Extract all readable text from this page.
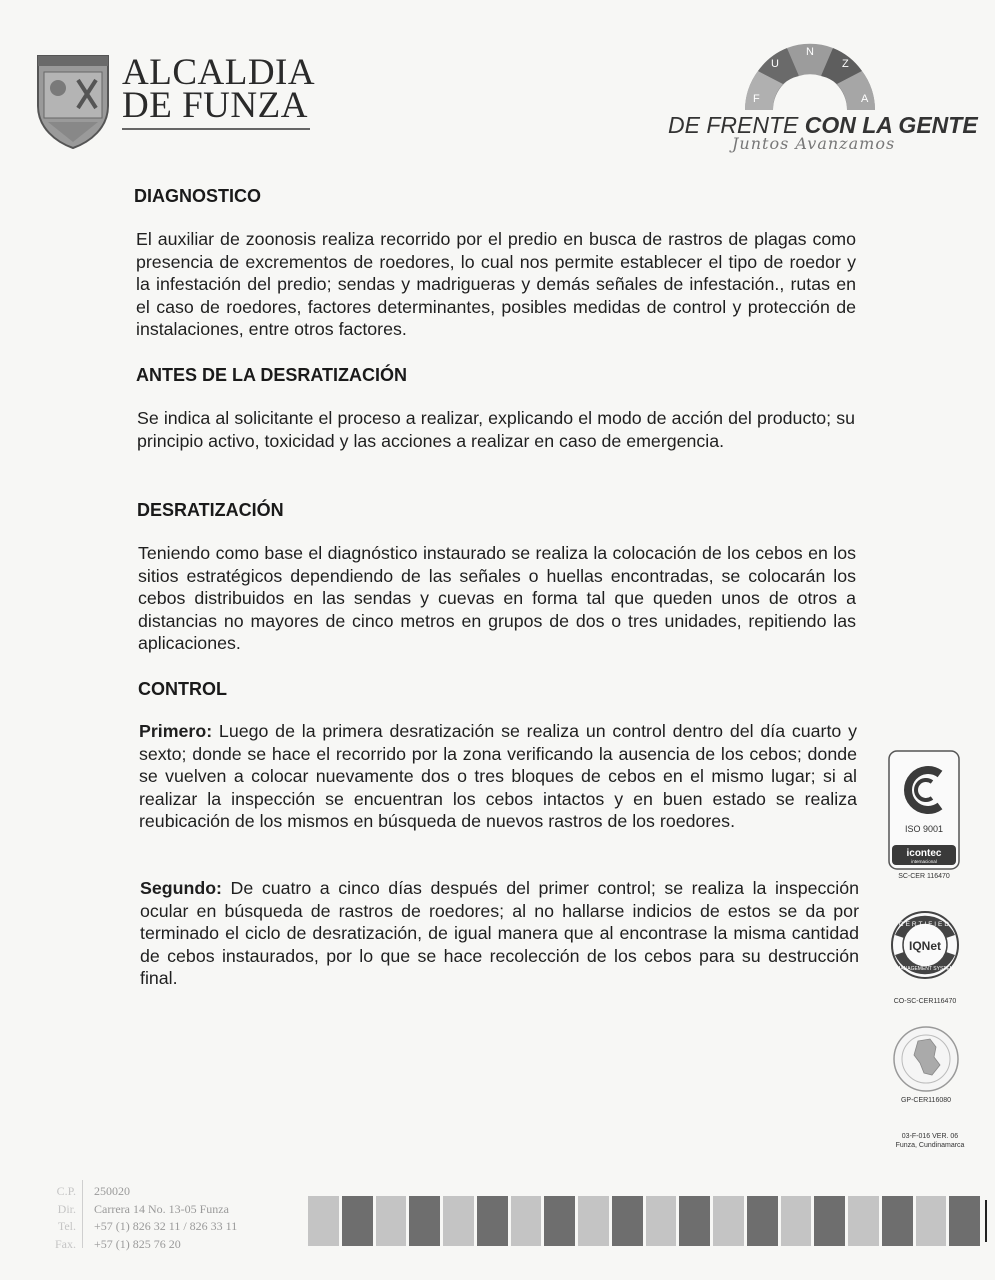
ALCALDIA
DE FUNZA	F
U
N
Z
A
DE FRENTE CON LA GENTE
Juntos Avanzamos
DIAGNOSTICO
El auxiliar de zoonosis realiza recorrido por el predio en busca de rastros de plagas como presencia de excrementos de roedores, lo cual nos permite establecer el tipo de roedor y la infestación del predio; sendas y madrigueras y demás señales de infestación., rutas en el caso de roedores, factores determinantes, posibles medidas de control y protección de instalaciones, entre otros factores.
ANTES DE LA DESRATIZACIÓN
Se indica al solicitante el proceso a realizar, explicando el modo de acción del producto; su principio activo, toxicidad y las acciones a realizar en caso de emergencia.
DESRATIZACIÓN
Teniendo como base el diagnóstico instaurado se realiza la colocación de los cebos en los sitios estratégicos dependiendo de las señales o huellas encontradas, se colocarán los cebos distribuidos en las sendas y cuevas en forma tal que queden unos de otros a distancias no mayores de cinco metros en grupos de dos o tres unidades, repitiendo las aplicaciones.
CONTROL
Primero: Luego de la primera desratización se realiza un control dentro del día cuarto y sexto; donde se hace el recorrido por la zona verificando la ausencia de los cebos; donde se vuelven a colocar nuevamente dos o tres bloques de cebos en el mismo lugar; si al realizar la inspección se encuentran los cebos intactos y en buen estado se realiza reubicación de los mismos en búsqueda de nuevos rastros de los roedores.
Segundo: De cuatro a cinco días después del primer control; se realiza la inspección ocular en búsqueda de rastros de roedores; al no hallarse indicios de estos se da por terminado el ciclo de desratización, de igual manera que al encontrase la misma cantidad de cebos instaurados, por lo que se hace recolección de los cebos para su destrucción final.
ISO 9001
icontec
internacional
SC-CER 116470
CERTIFIED
MANAGEMENT SYSTEM
IQNet
CO-SC-CER116470
GP-CER116080
03-F-016 VER. 06
Funza, Cundinamarca
C.P.
Dir.
Tel.
Fax.
250020
Carrera 14 No. 13-05 Funza
+57 (1) 826 32 11 / 826 33 11
+57 (1) 825 76 20
